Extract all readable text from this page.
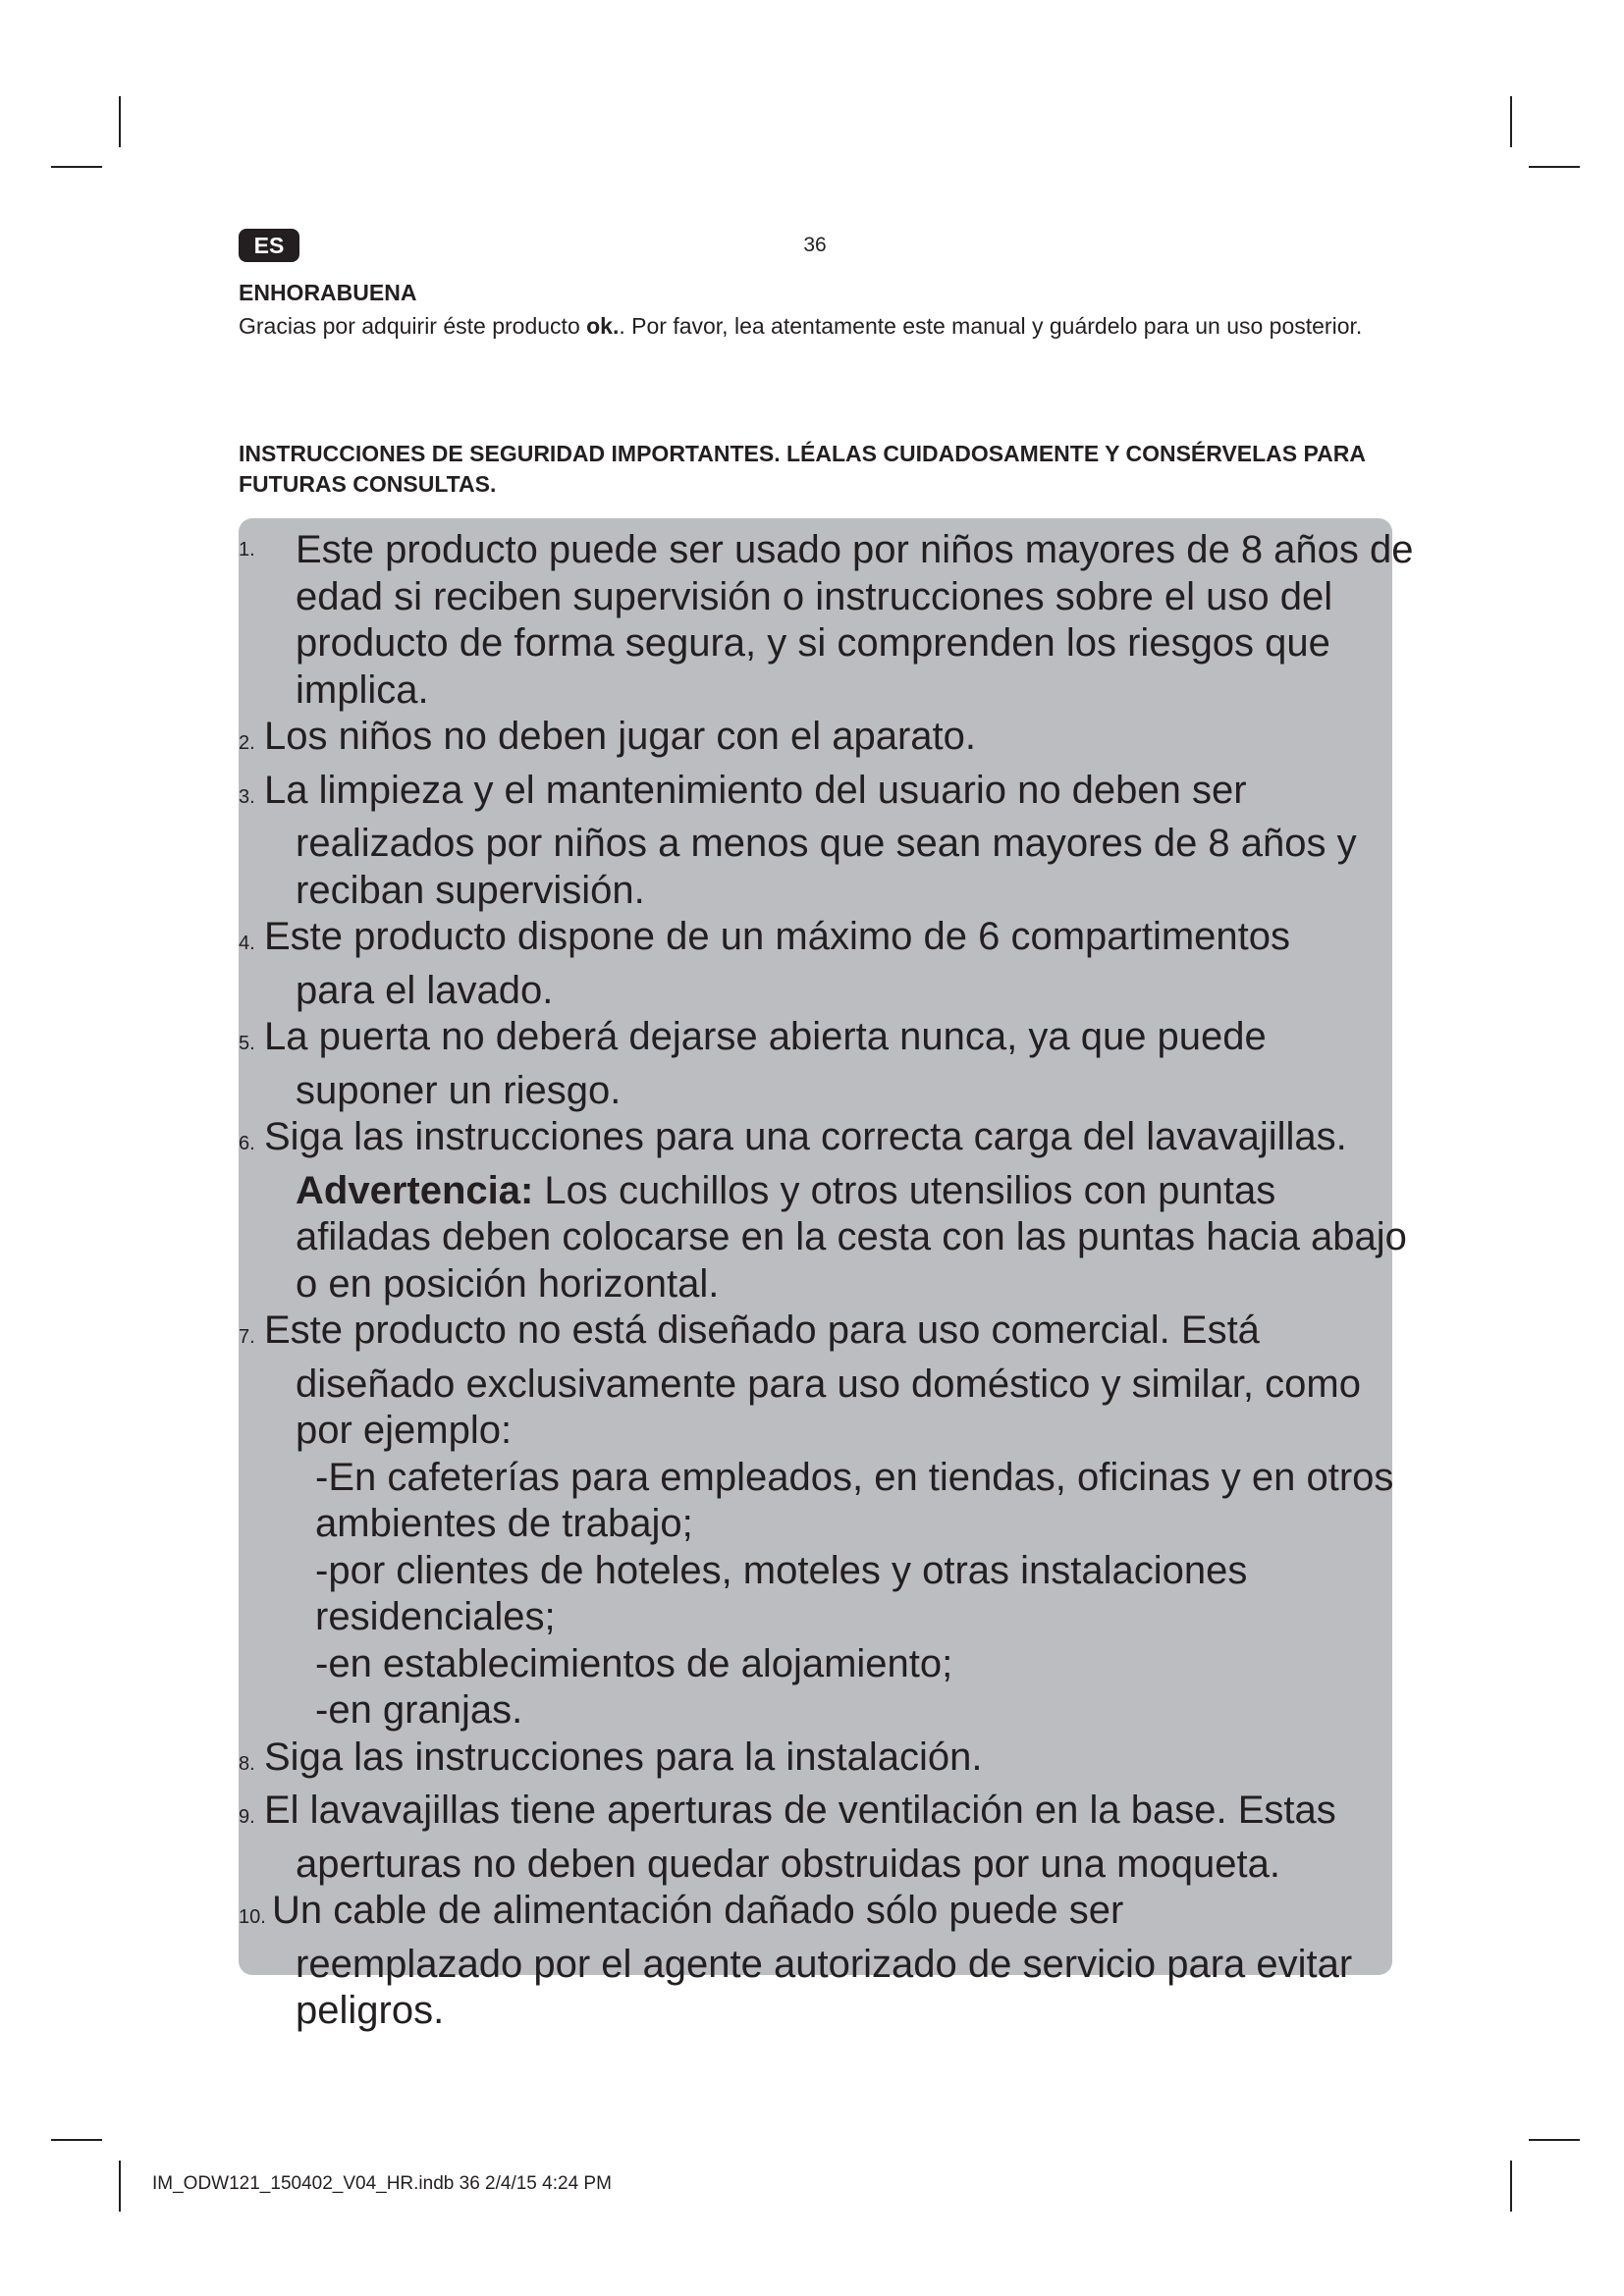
ES	36
ENHORABUENA
Gracias por adquirir éste producto ok.. Por favor, lea atentamente este manual y guárdelo para un uso posterior.
INSTRUCCIONES DE SEGURIDAD IMPORTANTES. LÉALAS CUIDADOSAMENTE Y CONSÉRVELAS PARA FUTURAS CONSULTAS.
1. Este producto puede ser usado por niños mayores de 8 años de edad si reciben supervisión o instrucciones sobre el uso del producto de forma segura, y si comprenden los riesgos que implica.
2. Los niños no deben jugar con el aparato.
3. La limpieza y el mantenimiento del usuario no deben ser
realizados por niños a menos que sean mayores de 8 años y reciban supervisión.
4. Este producto dispone de un máximo de 6 compartimentos
para el lavado.
5. La puerta no deberá dejarse abierta nunca, ya que puede
suponer un riesgo.
6. Siga las instrucciones para una correcta carga del lavavajillas.
Advertencia: Los cuchillos y otros utensilios con puntas afiladas deben colocarse en la cesta con las puntas hacia abajo o en posición horizontal.
7. Este producto no está diseñado para uso comercial. Está
diseñado exclusivamente para uso doméstico y similar, como por ejemplo:
-En cafeterías para empleados, en tiendas, oficinas y en otros ambientes de trabajo;
-por clientes de hoteles, moteles y otras instalaciones residenciales;
-en establecimientos de alojamiento;
-en granjas.
8. Siga las instrucciones para la instalación.
9. El lavavajillas tiene aperturas de ventilación en la base. Estas
aperturas no deben quedar obstruidas por una moqueta.
10. Un cable de alimentación dañado sólo puede ser
reemplazado por el agente autorizado de servicio para evitar peligros.
IM_ODW121_150402_V04_HR.indb 36 2/4/15 4:24 PM
